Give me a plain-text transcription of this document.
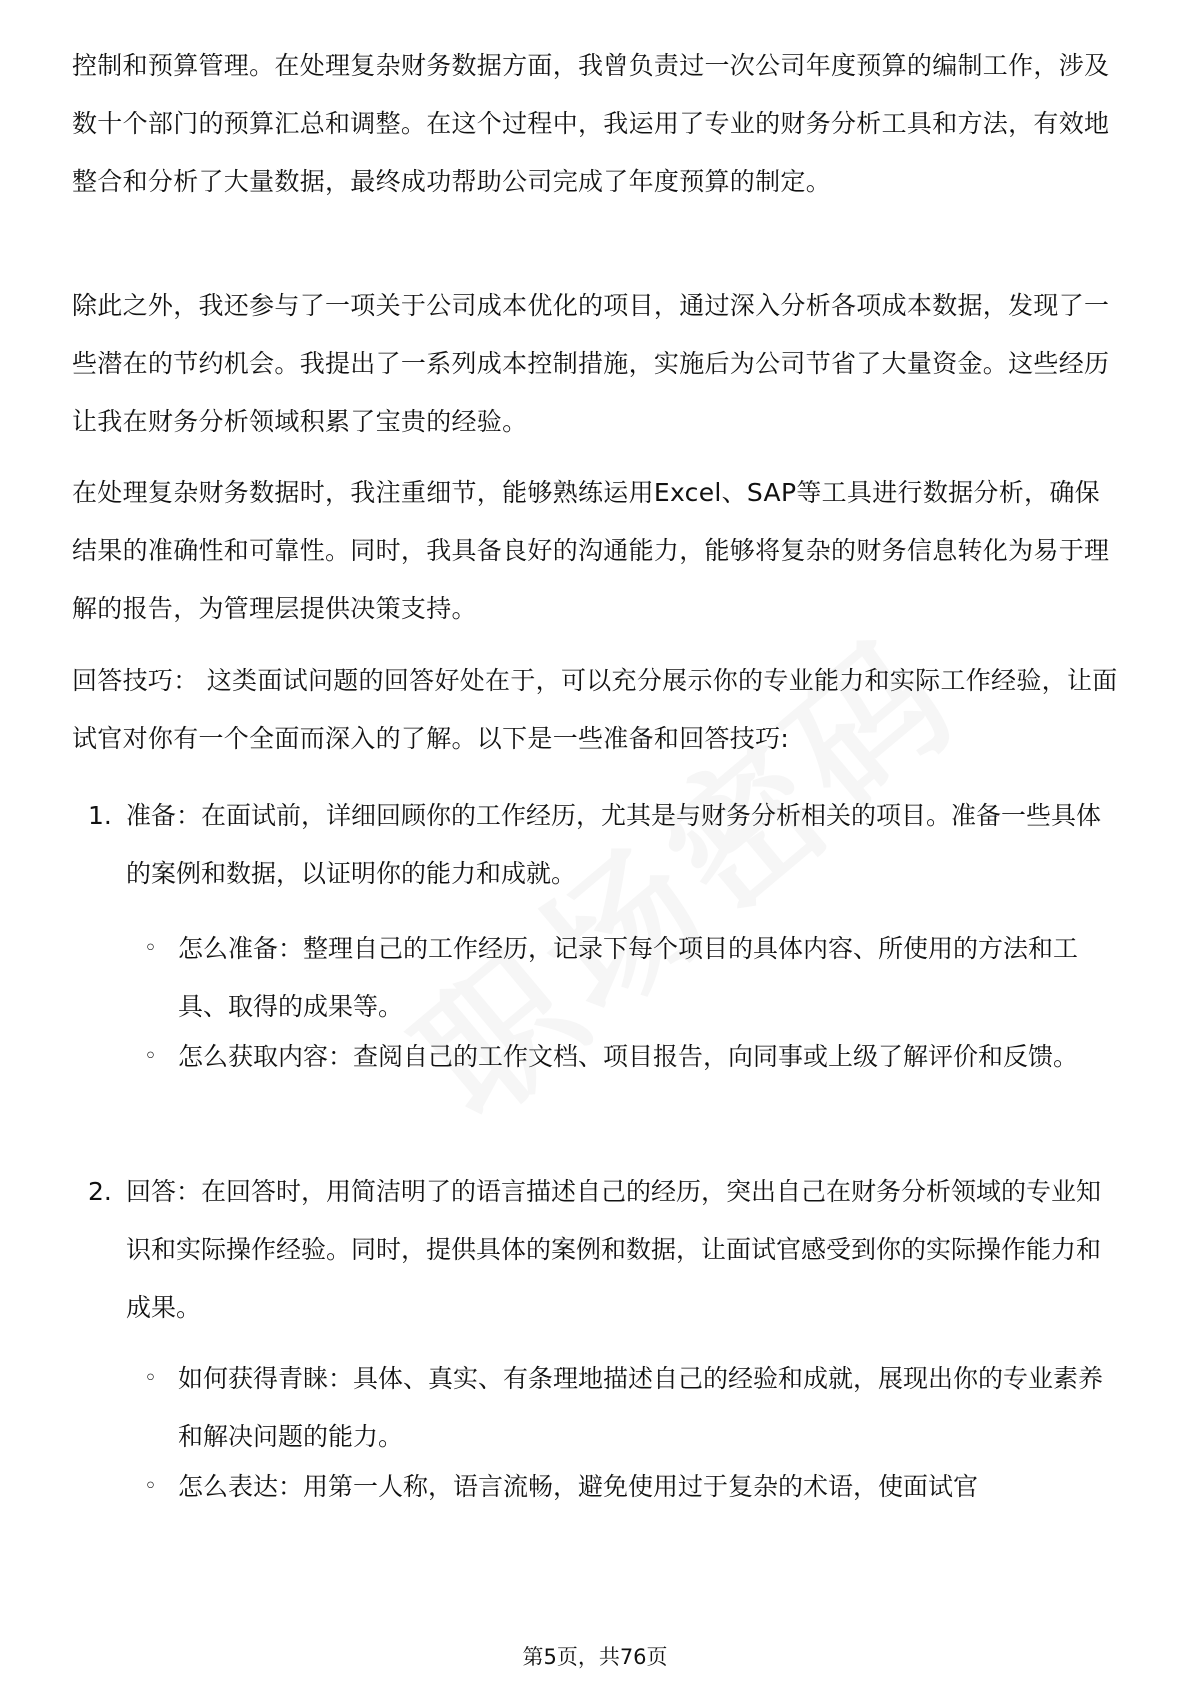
控制和预算管理。在处理复杂财务数据方面，我曾负责过一次公司年度预算的编制工作，涉及数十个部门的预算汇总和调整。在这个过程中，我运用了专业的财务分析工具和方法，有效地整合和分析了大量数据，最终成功帮助公司完成了年度预算的制定。

除此之外，我还参与了一项关于公司成本优化的项目，通过深入分析各项成本数据，发现了一些潜在的节约机会。我提出了一系列成本控制措施，实施后为公司节省了大量资金。这些经历让我在财务分析领域积累了宝贵的经验。

在处理复杂财务数据时，我注重细节，能够熟练运用Excel、SAP等工具进行数据分析，确保结果的准确性和可靠性。同时，我具备良好的沟通能力，能够将复杂的财务信息转化为易于理解的报告，为管理层提供决策支持。

回答技巧： 这类面试问题的回答好处在于，可以充分展示你的专业能力和实际工作经验，让面试官对你有一个全面而深入的了解。以下是一些准备和回答技巧:

1. 准备：在面试前，详细回顾你的工作经历，尤其是与财务分析相关的项目。准备一些具体的案例和数据，以证明你的能力和成就。
◦ 怎么准备：整理自己的工作经历，记录下每个项目的具体内容、所使用的方法和工具、取得的成果等。
◦ 怎么获取内容：查阅自己的工作文档、项目报告，向同事或上级了解评价和反馈。
2. 回答：在回答时，用简洁明了的语言描述自己的经历，突出自己在财务分析领域的专业知识和实际操作经验。同时，提供具体的案例和数据，让面试官感受到你的实际操作能力和成果。
◦ 如何获得青睐：具体、真实、有条理地描述自己的经验和成就，展现出你的专业素养和解决问题的能力。
◦ 怎么表达：用第一人称，语言流畅，避免使用过于复杂的术语，使面试官
第5页，共76页
